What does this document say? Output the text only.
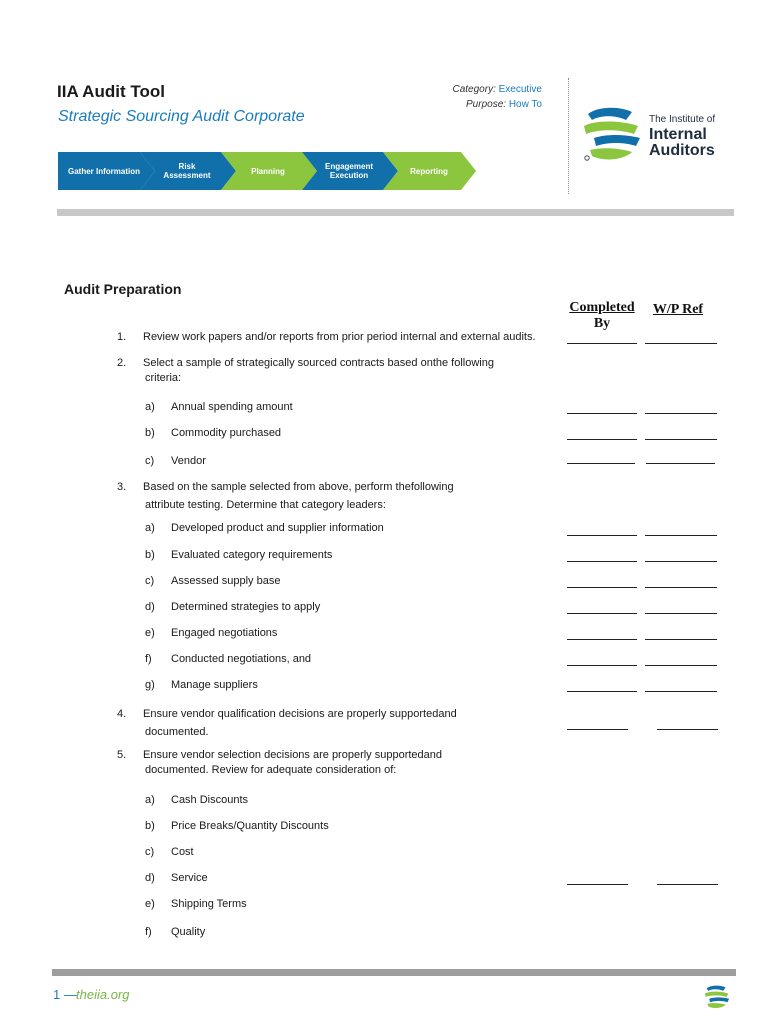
IIA Audit Tool
Strategic Sourcing Audit Corporate
Category: Executive
Purpose: How To
The Institute of
Internal
Auditors
Gather Information	Risk Assessment	Planning	Engagement Execution	Reporting
Audit Preparation
Completed
By
W/P Ref
1. Review work papers and/or reports from prior period internal and external audits.
2. Select a sample of strategically sourced contracts based onthe following
criteria:
a) Annual spending amount
b) Commodity purchased
c) Vendor
3. Based on the sample selected from above, perform thefollowing
attribute testing. Determine that category leaders:
a) Developed product and supplier information
b) Evaluated category requirements
c) Assessed supply base
d) Determined strategies to apply
e) Engaged negotiations
f) Conducted negotiations, and
g) Manage suppliers
4. Ensure vendor qualification decisions are properly supportedand
documented.
5. Ensure vendor selection decisions are properly supportedand
documented. Review for adequate consideration of:
a) Cash Discounts
b) Price Breaks/Quantity Discounts
c) Cost
d) Service
e) Shipping Terms
f) Quality
1 — theiia.org
